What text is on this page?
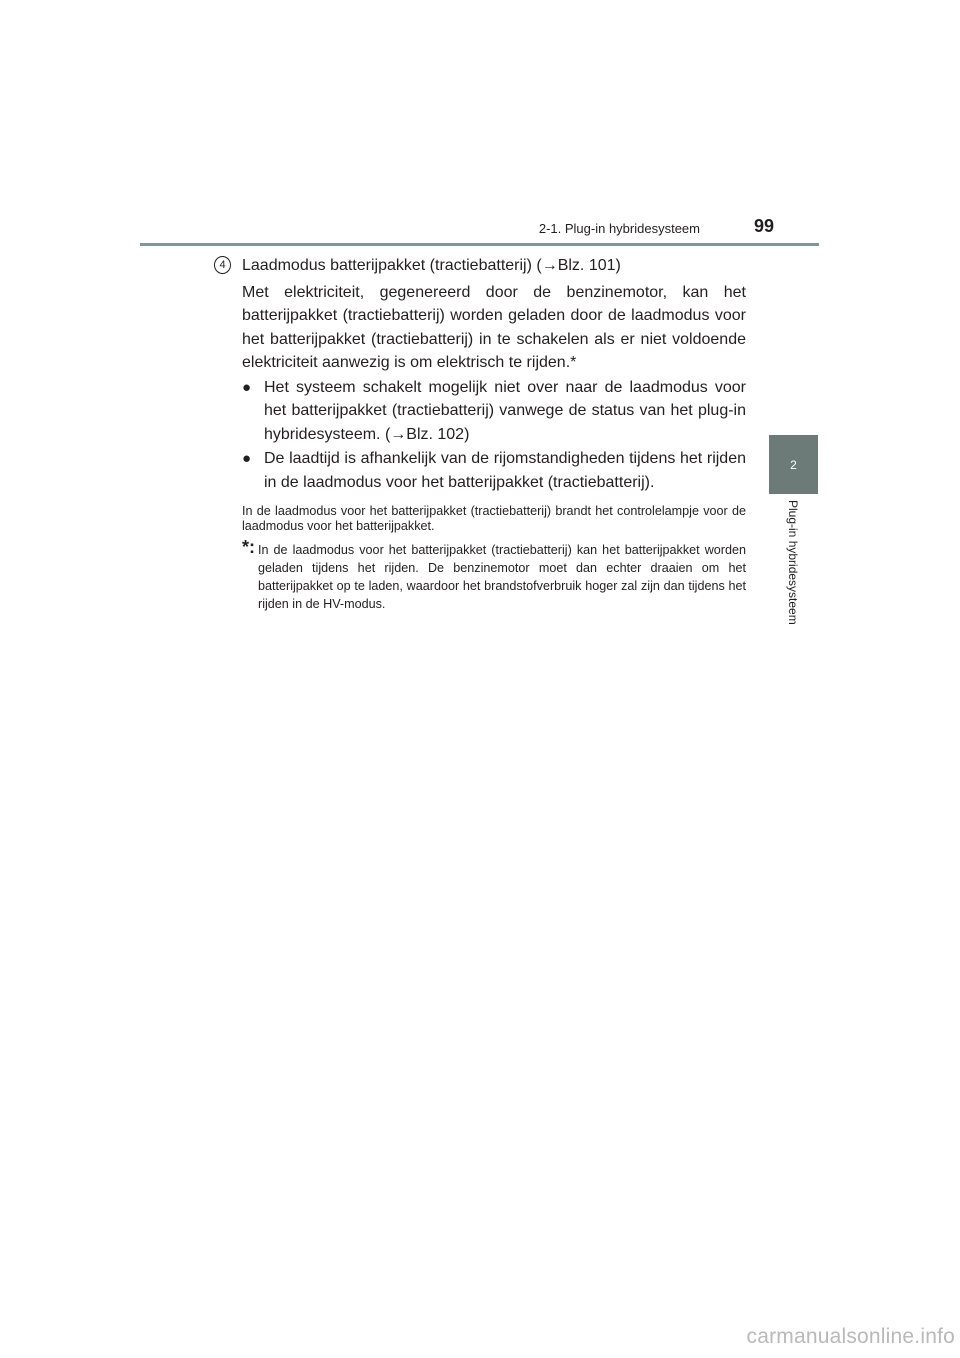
2-1. Plug-in hybridesysteem	99
2
Plug-in hybridesysteem
4	Laadmodus batterijpakket (tractiebatterij) (→Blz. 101)
Met elektriciteit, gegenereerd door de benzinemotor, kan het batterijpakket (tractiebatterij) worden geladen door de laadmodus voor het batterijpakket (tractiebatterij) in te schakelen als er niet voldoende elektriciteit aanwezig is om elektrisch te rijden.*
● Het systeem schakelt mogelijk niet over naar de laadmodus voor het batterijpakket (tractiebatterij) vanwege de status van het plug-in hybridesysteem. (→Blz. 102)
● De laadtijd is afhankelijk van de rijomstandigheden tijdens het rijden in de laadmodus voor het batterijpakket (tractiebatterij).
In de laadmodus voor het batterijpakket (tractiebatterij) brandt het controlelampje voor de laadmodus voor het batterijpakket.
*: In de laadmodus voor het batterijpakket (tractiebatterij) kan het batterijpakket worden geladen tijdens het rijden. De benzinemotor moet dan echter draaien om het batterijpakket op te laden, waardoor het brandstofverbruik hoger zal zijn dan tijdens het rijden in de HV-modus.
carmanualsonline.info
